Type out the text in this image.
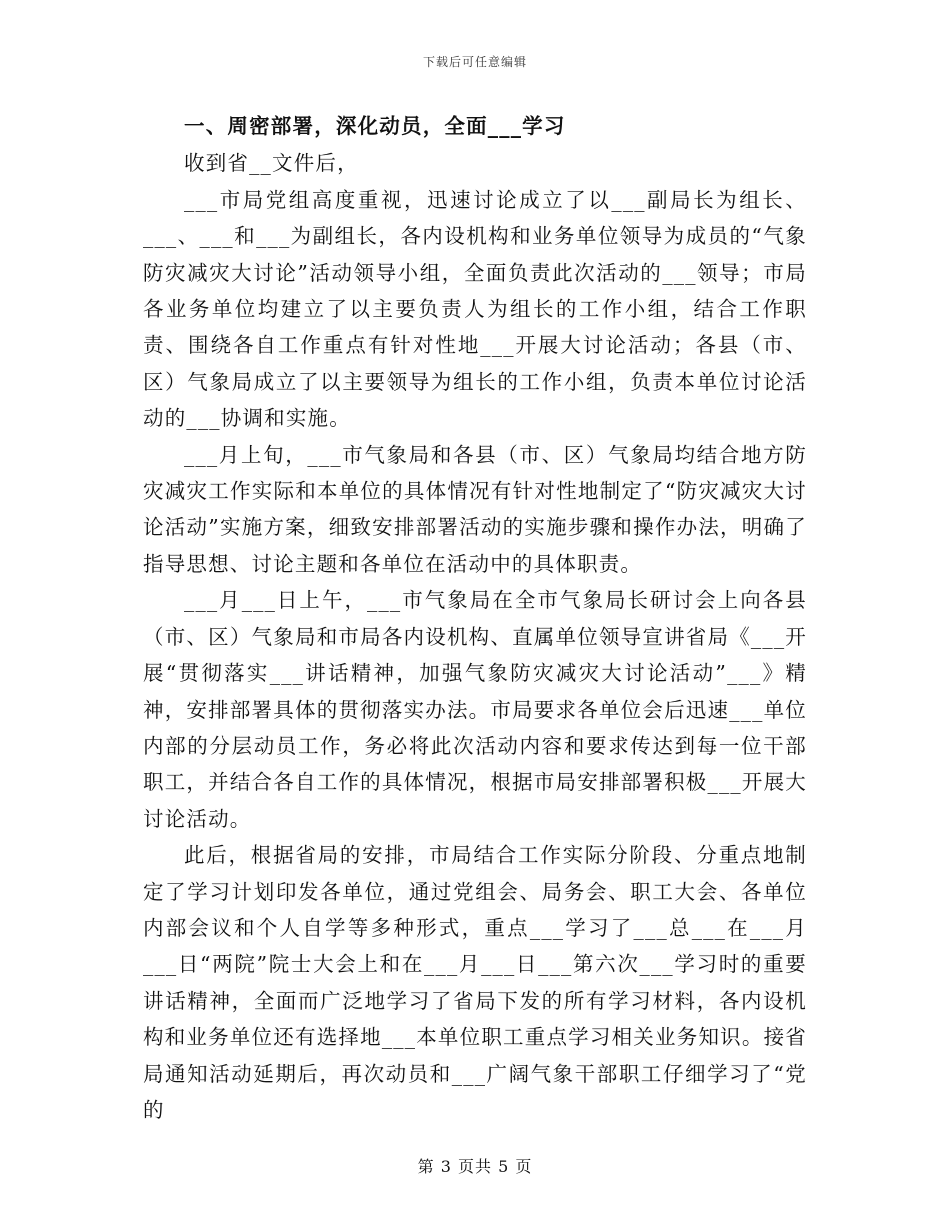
下载后可任意编辑
一、周密部署，深化动员，全面___学习

收到省__文件后，

___市局党组高度重视，迅速讨论成立了以___副局长为组长、___、___和___为副组长，各内设机构和业务单位领导为成员的“气象防灾减灾大讨论”活动领导小组，全面负责此次活动的___领导；市局各业务单位均建立了以主要负责人为组长的工作小组，结合工作职责、围绕各自工作重点有针对性地___开展大讨论活动；各县（市、区）气象局成立了以主要领导为组长的工作小组，负责本单位讨论活动的___协调和实施。

___月上旬，___市气象局和各县（市、区）气象局均结合地方防灾减灾工作实际和本单位的具体情况有针对性地制定了“防灾减灾大讨论活动”实施方案，细致安排部署活动的实施步骤和操作办法，明确了指导思想、讨论主题和各单位在活动中的具体职责。

___月___日上午，___市气象局在全市气象局长研讨会上向各县（市、区）气象局和市局各内设机构、直属单位领导宣讲省局《___开展“贯彻落实___讲话精神，加强气象防灾减灾大讨论活动”___》精神，安排部署具体的贯彻落实办法。市局要求各单位会后迅速___单位内部的分层动员工作，务必将此次活动内容和要求传达到每一位干部职工，并结合各自工作的具体情况，根据市局安排部署积极___开展大讨论活动。

此后，根据省局的安排，市局结合工作实际分阶段、分重点地制定了学习计划印发各单位，通过党组会、局务会、职工大会、各单位内部会议和个人自学等多种形式，重点___学习了___总___在___月___日“两院”院士大会上和在___月___日___第六次___学习时的重要讲话精神，全面而广泛地学习了省局下发的所有学习材料，各内设机构和业务单位还有选择地___本单位职工重点学习相关业务知识。接省局通知活动延期后，再次动员和___广阔气象干部职工仔细学习了“党的

第 3 页共 5 页
